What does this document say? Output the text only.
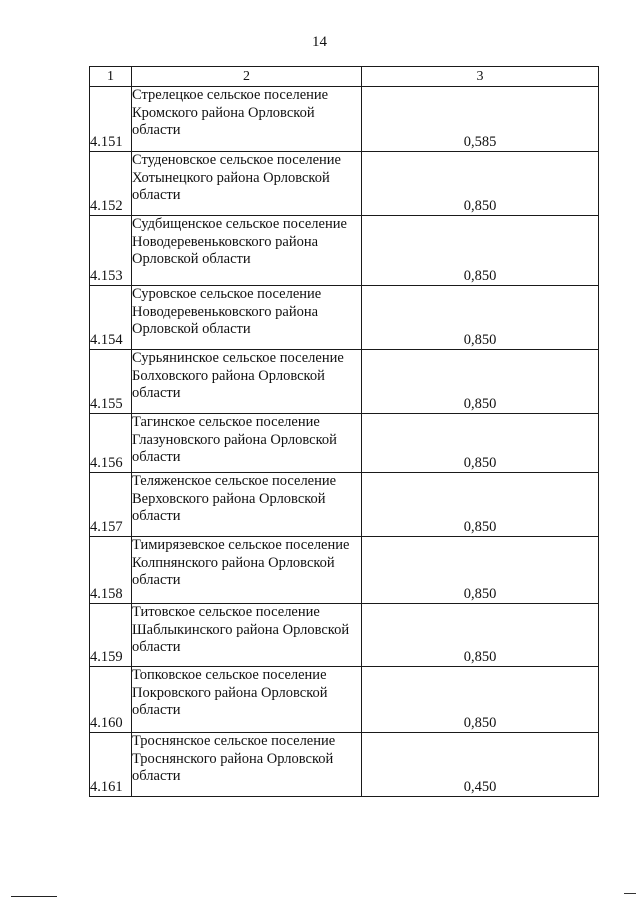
14
1	2	3
4.151	Стрелецкое сельское поселение Кромского района Орловской области	0,585
4.152	Студеновское сельское поселение Хотынецкого района Орловской области	0,850
4.153	Судбищенское сельское поселение Новодеревеньковского района Орловской области	0,850
4.154	Суровское сельское поселение Новодеревеньковского района Орловской области	0,850
4.155	Сурьянинское сельское поселение Болховского района Орловской области	0,850
4.156	Тагинское сельское поселение Глазуновского района Орловской области	0,850
4.157	Теляженское сельское поселение Верховского района Орловской области	0,850
4.158	Тимирязевское сельское поселение Колпнянского района Орловской области	0,850
4.159	Титовское сельское поселение Шаблыкинского района Орловской области	0,850
4.160	Топковское сельское поселение Покровского района Орловской области	0,850
4.161	Троснянское сельское поселение Троснянского района Орловской области	0,450
